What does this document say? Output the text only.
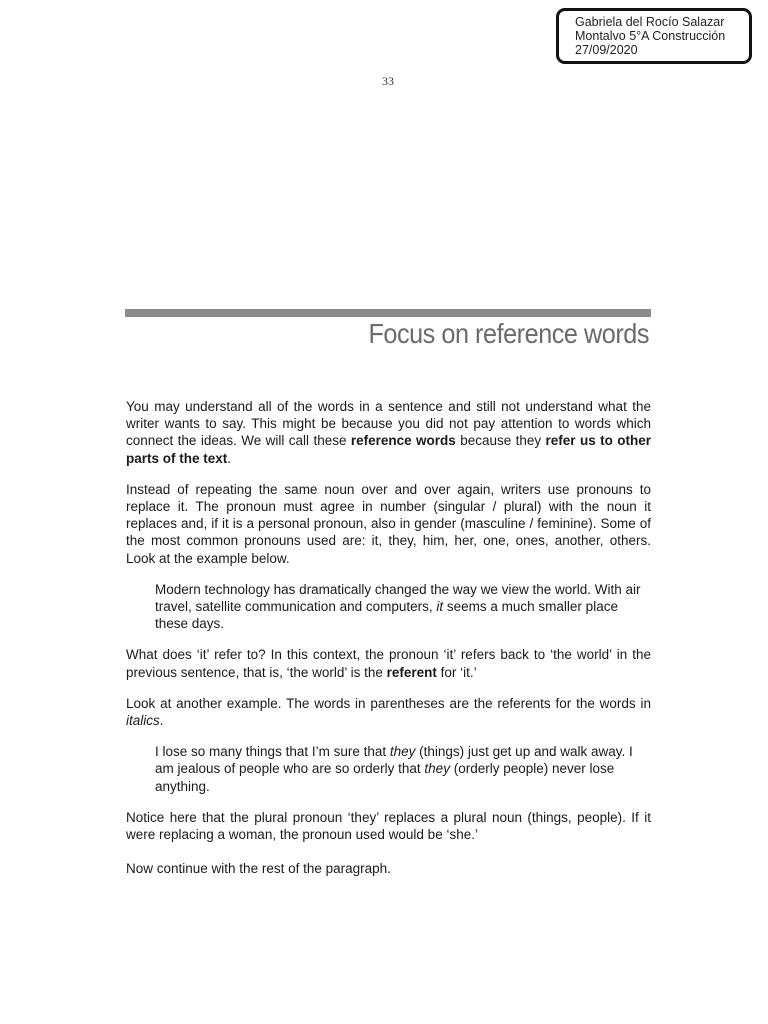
Gabriela del Rocío Salazar
Montalvo 5°A Construcción
27/09/2020
33
Focus on reference words

You may understand all of the words in a sentence and still not understand what the writer wants to say. This might be because you did not pay attention to words which connect the ideas. We will call these reference words because they refer us to other parts of the text.

Instead of repeating the same noun over and over again, writers use pronouns to replace it. The pronoun must agree in number (singular / plural) with the noun it replaces and, if it is a personal pronoun, also in gender (masculine / feminine). Some of the most common pronouns used are: it, they, him, her, one, ones, another, others. Look at the example below.

Modern technology has dramatically changed the way we view the world. With air travel, satellite communication and computers, it seems a much smaller place these days.

What does ‘it’ refer to? In this context, the pronoun ‘it’ refers back to ‘the world’ in the previous sentence, that is, ‘the world’ is the referent for ‘it.’

Look at another example. The words in parentheses are the referents for the words in italics.

I lose so many things that I’m sure that they (things) just get up and walk away. I am jealous of people who are so orderly that they (orderly people) never lose anything.

Notice here that the plural pronoun ‘they’ replaces a plural noun (things, people). If it were replacing a woman, the pronoun used would be ‘she.’

Now continue with the rest of the paragraph.
